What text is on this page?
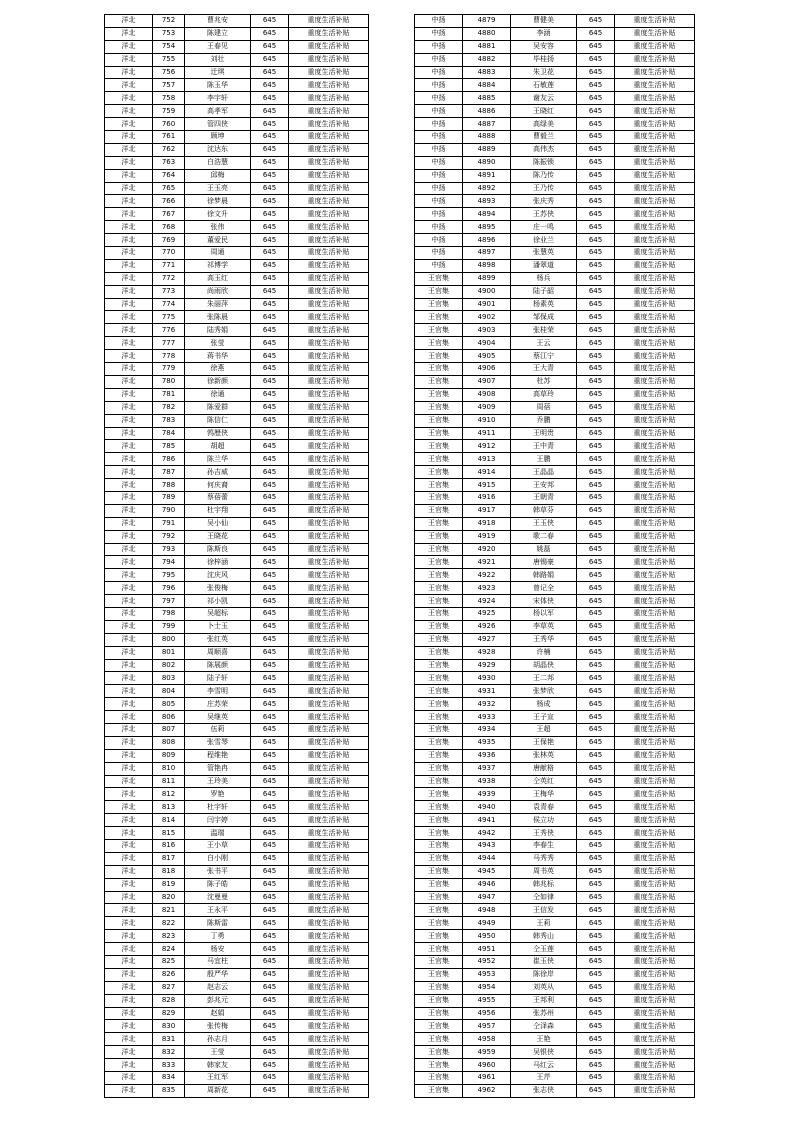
洋北	752	曹兆安	645	重度生活补贴
洋北	753	陈建立	645	重度生活补贴
洋北	754	王春见	645	重度生活补贴
洋北	755	刘壮	645	重度生活补贴
洋北	756	迁琪	645	重度生活补贴
洋北	757	陈玉华	645	重度生活补贴
洋北	758	李宇轩	645	重度生活补贴
洋北	759	高孝军	645	重度生活补贴
洋北	760	管四侠	645	重度生活补贴
洋北	761	顾坤	645	重度生活补贴
洋北	762	沈达东	645	重度生活补贴
洋北	763	白浩慧	645	重度生活补贴
洋北	764	邱梅	645	重度生活补贴
洋北	765	王玉亮	645	重度生活补贴
洋北	766	徐梦晨	645	重度生活补贴
洋北	767	徐文升	645	重度生活补贴
洋北	768	张伟	645	重度生活补贴
洋北	769	董爱民	645	重度生活补贴
洋北	770	周通	645	重度生活补贴
洋北	771	祁博学	645	重度生活补贴
洋北	772	高玉红	645	重度生活补贴
洋北	773	尚雨欣	645	重度生活补贴
洋北	774	朱丽萍	645	重度生活补贴
洋北	775	张陈晨	645	重度生活补贴
洋北	776	陆秀娟	645	重度生活补贴
洋北	777	张莹	645	重度生活补贴
洋北	778	蒋书华	645	重度生活补贴
洋北	779	徐燕	645	重度生活补贴
洋北	780	徐新颜	645	重度生活补贴
洋北	781	徐通	645	重度生活补贴
洋北	782	陈爱群	645	重度生活补贴
洋北	783	陈信仁	645	重度生活补贴
洋北	784	鹁歷侠	645	重度生活补贴
洋北	785	胡超	645	重度生活补贴
洋北	786	陈兰华	645	重度生活补贴
洋北	787	孙吉威	645	重度生活补贴
洋北	788	何庆裔	645	重度生活补贴
洋北	789	蔡蓓蕾	645	重度生活补贴
洋北	790	杜宇翔	645	重度生活补贴
洋北	791	吴小仙	645	重度生活补贴
洋北	792	王晓花	645	重度生活补贴
洋北	793	陈斯良	645	重度生活补贴
洋北	794	徐梓涵	645	重度生活补贴
洋北	795	沈庆风	645	重度生活补贴
洋北	796	张俊梅	645	重度生活补贴
洋北	797	祁小凯	645	重度生活补贴
洋北	798	吴超标	645	重度生活补贴
洋北	799	卜士玉	645	重度生活补贴
洋北	800	张红英	645	重度生活补贴
洋北	801	周顺喜	645	重度生活补贴
洋北	802	陈展颜	645	重度生活补贴
洋北	803	陆子轩	645	重度生活补贴
洋北	804	李雪明	645	重度生活补贴
洋北	805	庄苏荣	645	重度生活补贴
洋北	806	吴继英	645	重度生活补贴
洋北	807	伍莉	645	重度生活补贴
洋北	808	张雪琴	645	重度生活补贴
洋北	809	程维艳	645	重度生活补贴
洋北	810	管艳冉	645	重度生活补贴
洋北	811	王玲美	645	重度生活补贴
洋北	812	罗艳	645	重度生活补贴
洋北	813	杜宇轩	645	重度生活补贴
洋北	814	闫宇婷	645	重度生活补贴
洋北	815	温瑞	645	重度生活补贴
洋北	816	王小草	645	重度生活补贴
洋北	817	白小刚	645	重度生活补贴
洋北	818	张书平	645	重度生活补贴
洋北	819	陈子皓	645	重度生活补贴
洋北	820	沈曼曼	645	重度生活补贴
洋北	821	王永平	645	重度生活补贴
洋北	822	陈斯雷	645	重度生活补贴
洋北	823	丁勇	645	重度生活补贴
洋北	824	杨安	645	重度生活补贴
洋北	825	马宜柱	645	重度生活补贴
洋北	826	殷严华	645	重度生活补贴
洋北	827	赵志云	645	重度生活补贴
洋北	828	彭兆元	645	重度生活补贴
洋北	829	赵娟	645	重度生活补贴
洋北	830	张传梅	645	重度生活补贴
洋北	831	孙志月	645	重度生活补贴
洋北	832	王莹	645	重度生活补贴
洋北	833	韩家友	645	重度生活补贴
洋北	834	王红军	645	重度生活补贴
洋北	835	周新花	645	重度生活补贴
中扬	4879	曹健美	645	重度生活补贴
中扬	4880	李涵	645	重度生活补贴
中扬	4881	吴安容	645	重度生活补贴
中扬	4882	毕桂扬	645	重度生活补贴
中扬	4883	朱卫花	645	重度生活补贴
中扬	4884	石敏莲	645	重度生活补贴
中扬	4885	谢友云	645	重度生活补贴
中扬	4886	王晓红	645	重度生活补贴
中扬	4887	高绿美	645	重度生活补贴
中扬	4888	曹毅兰	645	重度生活补贴
中扬	4889	高伟杰	645	重度生活补贴
中扬	4890	陈振锁	645	重度生活补贴
中扬	4891	陈乃传	645	重度生活补贴
中扬	4892	王乃传	645	重度生活补贴
中扬	4893	张庆秀	645	重度生活补贴
中扬	4894	王苏侠	645	重度生活补贴
中扬	4895	庄一鸣	645	重度生活补贴
中扬	4896	徐业兰	645	重度生活补贴
中扬	4897	张慧英	645	重度生活补贴
中扬	4898	潘翠道	645	重度生活补贴
王官集	4899	杨兵	645	重度生活补贴
王官集	4900	陆子韶	645	重度生活补贴
王官集	4901	杨素英	645	重度生活补贴
王官集	4902	邹保成	645	重度生活补贴
王官集	4903	张桂荣	645	重度生活补贴
王官集	4904	王云	645	重度生活补贴
王官集	4905	蔡江宁	645	重度生活补贴
王官集	4906	王大青	645	重度生活补贴
王官集	4907	杜苏	645	重度生活补贴
王官集	4908	高草玲	645	重度生活补贴
王官集	4909	周蓓	645	重度生活补贴
王官集	4910	乔鹏	645	重度生活补贴
王官集	4911	王明贵	645	重度生活补贴
王官集	4912	王中青	645	重度生活补贴
王官集	4913	王鹏	645	重度生活补贴
王官集	4914	王晶晶	645	重度生活补贴
王官集	4915	王安邦	645	重度生活补贴
王官集	4916	王朝青	645	重度生活补贴
王官集	4917	韩草芬	645	重度生活补贴
王官集	4918	王玉侠	645	重度生活补贴
王官集	4919	歌二春	645	重度生活补贴
王官集	4920	姚磊	645	重度生活补贴
王官集	4921	唐锡豪	645	重度生活补贴
王官集	4922	韩路娟	645	重度生活补贴
王官集	4923	曾记全	645	重度生活补贴
王官集	4924	宋体侠	645	重度生活补贴
王官集	4925	杨以军	645	重度生活补贴
王官集	4926	李草英	645	重度生活补贴
王官集	4927	王秀华	645	重度生活补贴
王官集	4928	许楠	645	重度生活补贴
王官集	4929	胡晶侠	645	重度生活补贴
王官集	4930	王二邦	645	重度生活补贴
王官集	4931	张梦欣	645	重度生活补贴
王官集	4932	杨成	645	重度生活补贴
王官集	4933	王子宣	645	重度生活补贴
王官集	4934	王超	645	重度生活补贴
王官集	4935	王保艳	645	重度生活补贴
王官集	4936	张林英	645	重度生活补贴
王官集	4937	唐献格	645	重度生活补贴
王官集	4938	仝英红	645	重度生活补贴
王官集	4939	王梅华	645	重度生活补贴
王官集	4940	袁青春	645	重度生活补贴
王官集	4941	侯立功	645	重度生活补贴
王官集	4942	王秀侠	645	重度生活补贴
王官集	4943	李春生	645	重度生活补贴
王官集	4944	马秀秀	645	重度生活补贴
王官集	4945	周书英	645	重度生活补贴
王官集	4946	韩兆标	645	重度生活补贴
王官集	4947	仝如律	645	重度生活补贴
王官集	4948	王信发	645	重度生活补贴
王官集	4949	王莉	645	重度生活补贴
王官集	4950	韩秀山	645	重度生活补贴
王官集	4951	仝玉莲	645	重度生活补贴
王官集	4952	崔玉侠	645	重度生活补贴
王官集	4953	陈徐岸	645	重度生活补贴
王官集	4954	刘英从	645	重度生活补贴
王官集	4955	王邦利	645	重度生活补贴
王官集	4956	张苏州	645	重度生活补贴
王官集	4957	仝泽森	645	重度生活补贴
王官集	4958	王艳	645	重度生活补贴
王官集	4959	吴银侠	645	重度生活补贴
王官集	4960	马红云	645	重度生活补贴
王官集	4961	王芹	645	重度生活补贴
王官集	4962	张志侠	645	重度生活补贴
